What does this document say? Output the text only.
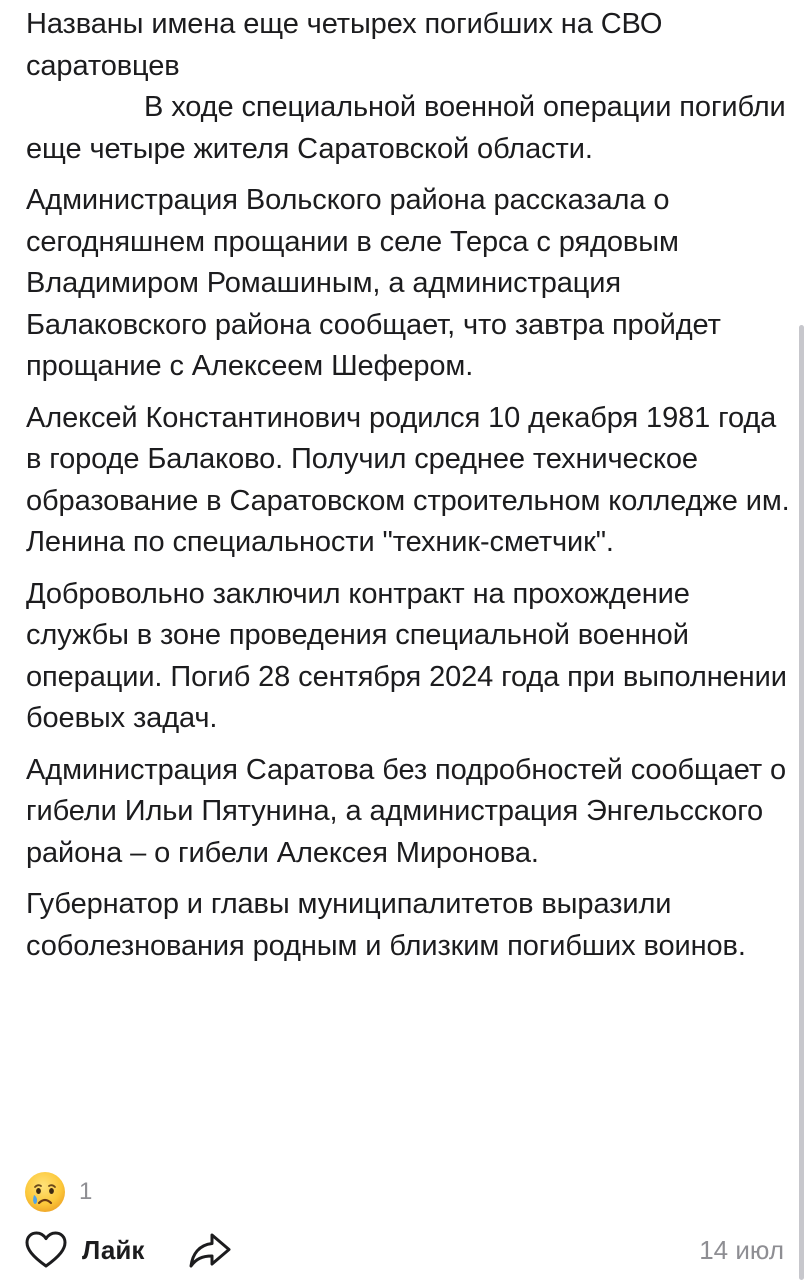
Названы имена еще четырех погибших на СВО саратовцев
В ходе специальной военной операции погибли еще четыре жителя Саратовской области.

Администрация Вольского района рассказала о сегодняшнем прощании в селе Терса с рядовым Владимиром Ромашиным, а администрация Балаковского района сообщает, что завтра пройдет прощание с Алексеем Шефером.

Алексей Константинович родился 10 декабря 1981 года в городе Балаково. Получил среднее техническое образование в Саратовском строительном колледже им. Ленина по специальности "техник-сметчик".

Добровольно заключил контракт на прохождение службы в зоне проведения специальной военной операции. Погиб 28 сентября 2024 года при выполнении боевых задач.

Администрация Саратова без подробностей сообщает о гибели Ильи Пятунина, а администрация Энгельсского района – о гибели Алексея Миронова.

Губернатор и главы муниципалитетов выразили соболезнования родным и близким погибших воинов.

1
Лайк	14 июл
